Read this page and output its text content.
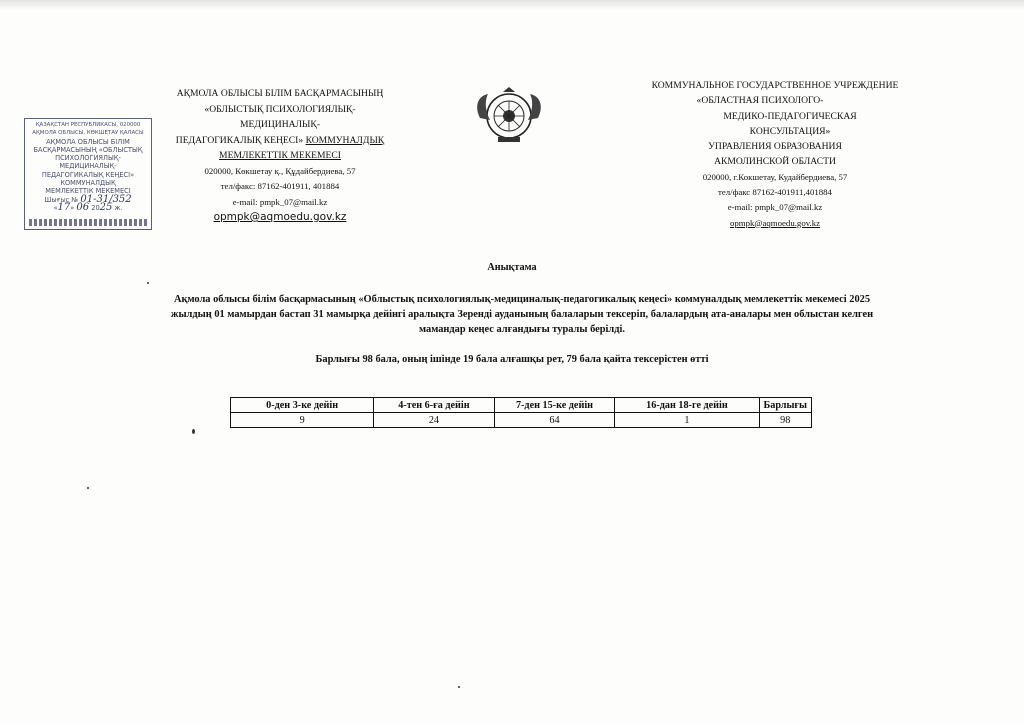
АҚМОЛА ОБЛЫСЫ БІЛІМ БАСҚАРМАСЫНЫҢ
«ОБЛЫСТЫҚ ПСИХОЛОГИЯЛЫҚ-
МЕДИЦИНАЛЫҚ-
ПЕДАГОГИКАЛЫҚ КЕҢЕСІ» КОММУНАЛДЫҚ
МЕМЛЕКЕТТІК МЕКЕМЕСІ
020000, Көкшетау қ., Құдайбердиева, 57
тел/факс: 87162-401911, 401884
e-mail: pmpk_07@mail.kz
opmpk@aqmoedu.gov.kz
КОММУНАЛЬНОЕ ГОСУДАРСТВЕННОЕ УЧРЕЖДЕНИЕ
«ОБЛАСТНАЯ ПСИХОЛОГО-
МЕДИКО-ПЕДАГОГИЧЕСКАЯ
КОНСУЛЬТАЦИЯ»
УПРАВЛЕНИЯ ОБРАЗОВАНИЯ
АКМОЛИНСКОЙ ОБЛАСТИ
020000, г.Кокшетау, Кудайбердиева, 57
тел/факс 87162-401911,401884
e-mail: pmpk_07@mail.kz
opmpk@aqmoedu.gov.kz
ҚАЗАҚСТАН РЕСПУБЛИКАСЫ, 020000
АҚМОЛА ОБЛЫСЫ, КӨКШЕТАУ ҚАЛАСЫ
АҚМОЛА ОБЛЫСЫ БІЛІМ
БАСҚАРМАСЫНЫҢ «ОБЛЫСТЫҚ
ПСИХОЛОГИЯЛЫҚ-
МЕДИЦИНАЛЫҚ-
ПЕДАГОГИКАЛЫҚ КЕҢЕСІ»
КОММУНАЛДЫҚ
МЕМЛЕКЕТТІК МЕКЕМЕСІ
Шығыс № 01-31/352
«17» 06 2025 ж.
Анықтама
Ақмола облысы білім басқармасының «Облыстық психологиялық-медициналық-педагогикалық кеңесі» коммуналдық мемлекеттік мекемесі 2025
жылдың 01 мамырдан бастап 31 мамырқа дейінгі аралықта Зеренді ауданының балаларын тексеріп, балалардың ата-аналары мен облыстан келген
мамандар кеңес алғандығы туралы берілді.
Барлығы 98 бала, оның ішінде 19 бала алғашқы рет, 79 бала қайта тексерістен өтті
0-ден 3-ке дейін	4-тен 6-ға дейін	7-ден 15-ке дейін	16-дан 18-ге дейін	Барлығы
9	24	64	1	98
